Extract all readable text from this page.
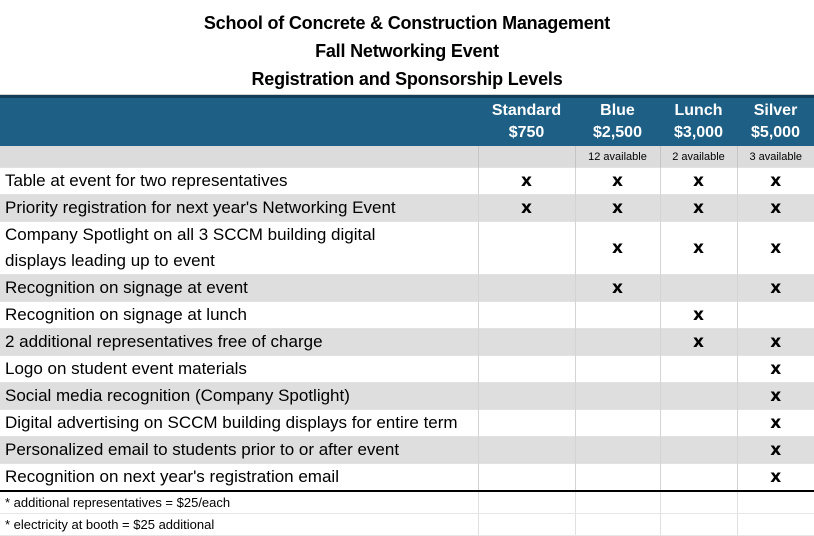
School of Concrete & Construction Management
Fall Networking Event
Registration and Sponsorship Levels
	Standard	Blue	Lunch	Silver
	$750	$2,500	$3,000	$5,000
		12 available	2 available	3 available
Table at event for two representatives	x	x	x	x
Priority registration for next year's Networking Event	x	x	x	x
Company Spotlight on all 3 SCCM building digital
displays leading up to event		x	x	x
Recognition on signage at event		x		x
Recognition on signage at lunch			x	
2 additional representatives free of charge			x	x
Logo on student event materials				x
Social media recognition (Company Spotlight)				x
Digital advertising on SCCM building displays for entire term				x
Personalized email to students prior to or after event				x
Recognition on next year's registration email				x
* additional representatives = $25/each				
* electricity at booth = $25 additional				
